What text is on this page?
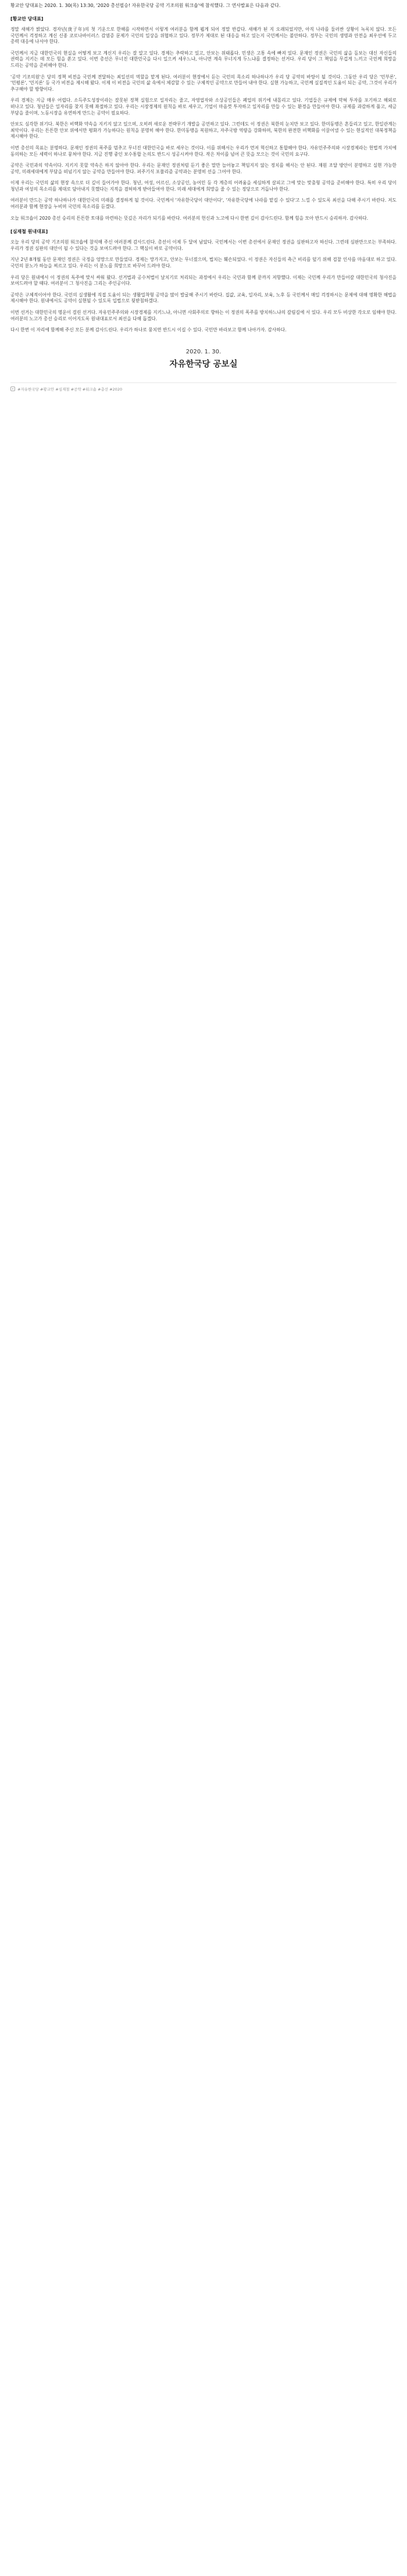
황교안 당대표는 2020. 1. 30(목) 13:30, '2020 총선필승! 자유한국당 공약 기조의원 워크숍'에 참석했다. 그 연사발표은 다음과 같다.

[황교안 당대표]

정말 새해가 밝았다. 경자년(庚子年)의 첫 기운으로 한해를 시작하면서 이렇게 여러분을 함께 뵙게 되어 정말 반갑다. 새해가 된 지 오래되었지만, 아직 나라를 둘러싼 상황이 녹록치 않다. 모든 국민께서 걱정하고 계신 신종 코로나바이러스 감염증 문제가 국민의 일상을 위협하고 있다. 정부가 제대로 된 대응을 하고 있는지 국민께서는 불안하다. 정부는 국민의 생명과 안전을 최우선에 두고 총력 대응에 나서야 한다.

국민께서 지금 대한민국의 현실을 어떻게 보고 계신지 우리는 잘 알고 있다. 경제는 추락하고 있고, 안보는 위태롭다. 민생은 고통 속에 빠져 있다. 문재인 정권은 국민의 삶을 돌보는 대신 자신들의 권력을 지키는 데 모든 힘을 쏟고 있다. 이번 총선은 무너진 대한민국을 다시 일으켜 세우느냐, 아니면 계속 무너지게 두느냐를 결정하는 선거다. 우리 당이 그 책임을 무겁게 느끼고 국민께 희망을 드리는 공약을 준비해야 한다.

'공약 기조의원'은 당의 정책 비전을 국민께 전달하는 최일선의 역할을 맡게 된다. 여러분이 현장에서 듣는 국민의 목소리 하나하나가 우리 당 공약의 바탕이 될 것이다. 그동안 우리 당은 '민부론', '민평론', '민지론' 등 국가 비전을 제시해 왔다. 이제 이 비전을 국민의 삶 속에서 체감할 수 있는 구체적인 공약으로 만들어 내야 한다. 실현 가능하고, 국민께 실질적인 도움이 되는 공약, 그것이 우리가 추구해야 할 방향이다.

우리 경제는 지금 매우 어렵다. 소득주도성장이라는 잘못된 정책 실험으로 일자리는 줄고, 자영업자와 소상공인들은 폐업의 위기에 내몰리고 있다. 기업들은 규제에 막혀 투자를 포기하고 해외로 떠나고 있다. 청년들은 일자리를 찾지 못해 좌절하고 있다. 우리는 시장경제의 원칙을 바로 세우고, 기업이 마음껏 투자하고 일자리를 만들 수 있는 환경을 만들어야 한다. 규제를 과감하게 풀고, 세금 부담을 줄이며, 노동시장을 유연하게 만드는 공약이 필요하다.

안보도 심각한 위기다. 북한은 비핵화 약속을 지키지 않고 있으며, 오히려 새로운 전략무기 개발을 공언하고 있다. 그런데도 이 정권은 북한의 눈치만 보고 있다. 한미동맹은 흔들리고 있고, 한일관계는 최악이다. 우리는 튼튼한 안보 위에서만 평화가 가능하다는 원칙을 분명히 해야 한다. 한미동맹을 복원하고, 자주국방 역량을 강화하며, 북한의 완전한 비핵화를 이끌어낼 수 있는 현실적인 대북정책을 제시해야 한다.

이번 총선의 목표는 분명하다. 문재인 정권의 폭주를 멈추고 무너진 대한민국을 바로 세우는 것이다. 이를 위해서는 우리가 먼저 혁신하고 통합해야 한다. 자유민주주의와 시장경제라는 헌법적 가치에 동의하는 모든 세력이 하나로 뭉쳐야 한다. 지금 진행 중인 보수통합 논의도 반드시 성공시켜야 한다. 작은 차이를 넘어 큰 뜻을 모으는 것이 국민의 요구다.

공약은 국민과의 약속이다. 지키지 못할 약속은 하지 않아야 한다. 우리는 문재인 정권처럼 듣기 좋은 말만 늘어놓고 책임지지 않는 정치를 해서는 안 된다. 재원 조달 방안이 분명하고 실현 가능한 공약, 미래세대에게 부담을 떠넘기지 않는 공약을 만들어야 한다. 퍼주기식 포퓰리즘 공약과는 분명히 선을 그어야 한다.

이제 우리는 국민의 삶의 현장 속으로 더 깊이 들어가야 한다. 청년, 여성, 어르신, 소상공인, 농어민 등 각 계층의 어려움을 세심하게 살피고 그에 맞는 맞춤형 공약을 준비해야 한다. 특히 우리 당이 청년과 여성의 목소리를 제대로 담아내지 못했다는 지적을 겸허하게 받아들여야 한다. 미래 세대에게 희망을 줄 수 있는 정당으로 거듭나야 한다.

여러분이 만드는 공약 하나하나가 대한민국의 미래를 결정하게 될 것이다. 국민께서 '자유한국당이 대안이다', '자유한국당에 나라를 맡길 수 있다'고 느낄 수 있도록 최선을 다해 주시기 바란다. 저도 여러분과 함께 현장을 누비며 국민의 목소리를 듣겠다.

오늘 워크숍이 2020 총선 승리의 튼튼한 토대를 마련하는 뜻깊은 자리가 되기를 바란다. 여러분의 헌신과 노고에 다시 한번 깊이 감사드린다. 함께 힘을 모아 반드시 승리하자. 감사하다.

[심재철 원내대표]

오늘 우리 당의 공약 기조의원 워크숍에 참석해 주신 여러분께 감사드린다. 총선이 이제 두 달여 남았다. 국민께서는 이번 총선에서 문재인 정권을 심판하고자 하신다. 그런데 심판만으로는 부족하다. 우리가 정권 심판의 대안이 될 수 있다는 것을 보여드려야 한다. 그 핵심이 바로 공약이다.

지난 2년 8개월 동안 문재인 정권은 국정을 엉망으로 만들었다. 경제는 망가지고, 안보는 무너졌으며, 법치는 훼손되었다. 이 정권은 자신들의 측근 비리를 덮기 위해 검찰 인사를 마음대로 하고 있다. 국민의 분노가 하늘을 찌르고 있다. 우리는 이 분노를 희망으로 바꾸어 드려야 한다.

우리 당은 원내에서 이 정권의 독주에 맞서 싸워 왔다. 선거법과 공수처법이 날치기로 처리되는 과정에서 우리는 국민과 함께 끝까지 저항했다. 이제는 국민께 우리가 만들어갈 대한민국의 청사진을 보여드려야 할 때다. 여러분이 그 청사진을 그리는 주인공이다.

공약은 구체적이어야 한다. 국민의 실생활에 직접 도움이 되는 생활밀착형 공약을 많이 발굴해 주시기 바란다. 집값, 교육, 일자리, 보육, 노후 등 국민께서 매일 걱정하시는 문제에 대해 명확한 해법을 제시해야 한다. 원내에서도 공약이 실현될 수 있도록 입법으로 뒷받침하겠다.

이번 선거는 대한민국의 명운이 걸린 선거다. 자유민주주의와 시장경제를 지키느냐, 아니면 사회주의로 향하는 이 정권의 폭주를 방치하느냐의 갈림길에 서 있다. 우리 모두 비상한 각오로 임해야 한다. 여러분의 노고가 총선 승리로 이어지도록 원내대표로서 최선을 다해 돕겠다.

다시 한번 이 자리에 함께해 주신 모든 분께 감사드린다. 우리가 하나로 뭉치면 반드시 이길 수 있다. 국민만 바라보고 함께 나아가자. 감사하다.

2020. 1. 30.
자유한국당 공보실
#자유한국당 #황교안 #심재철 #공약 #워크숍 #총선 #2020
